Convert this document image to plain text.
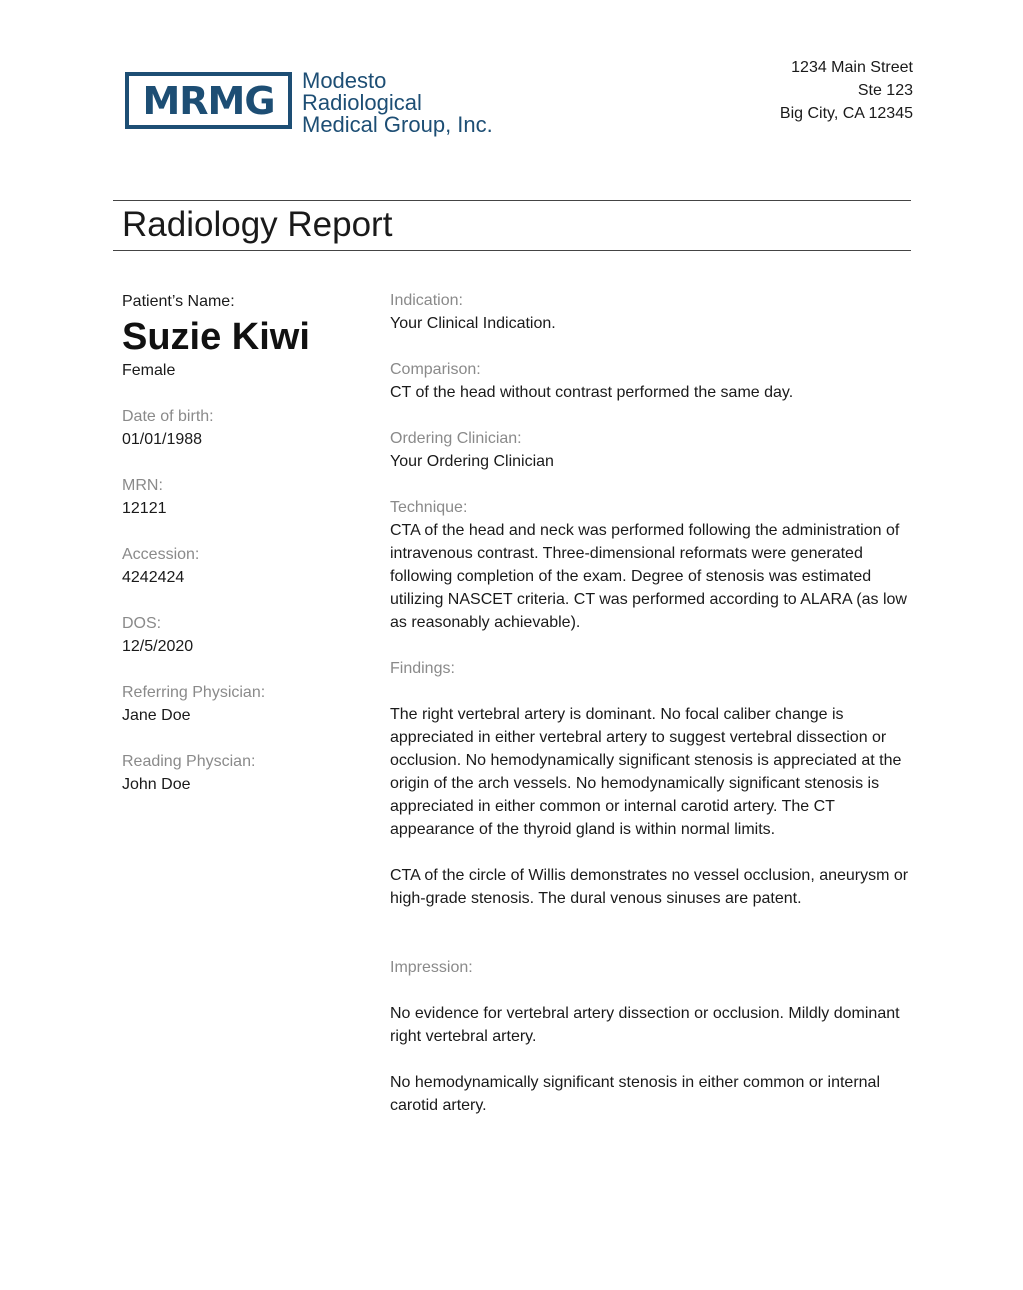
MRMG Modesto
Radiological
Medical Group, Inc.
1234 Main Street
Ste 123
Big City, CA 12345
Radiology Report
Patient’s Name:
Suzie Kiwi
Female
Date of birth:
01/01/1988
MRN:
12121
Accession:
4242424
DOS:
12/5/2020
Referring Physician:
Jane Doe
Reading Physcian:
John Doe
Indication:
Your Clinical Indication.
Comparison:
CT of the head without contrast performed the same day.
Ordering Clinician:
Your Ordering Clinician
Technique:
CTA of the head and neck was performed following the administration of intravenous contrast. Three-dimensional reformats were generated following completion of the exam. Degree of stenosis was estimated utilizing NASCET criteria. CT was performed according to ALARA (as low as reasonably achievable).
Findings:
The right vertebral artery is dominant. No focal caliber change is appreciated in either vertebral artery to suggest vertebral dissection or occlusion. No hemodynamically significant stenosis is appreciated at the origin of the arch vessels. No hemodynamically significant stenosis is appreciated in either common or internal carotid artery. The CT appearance of the thyroid gland is within normal limits.
CTA of the circle of Willis demonstrates no vessel occlusion, aneurysm or high-grade stenosis. The dural venous sinuses are patent.
Impression:
No evidence for vertebral artery dissection or occlusion. Mildly dominant right vertebral artery.
No hemodynamically significant stenosis in either common or internal carotid artery.
